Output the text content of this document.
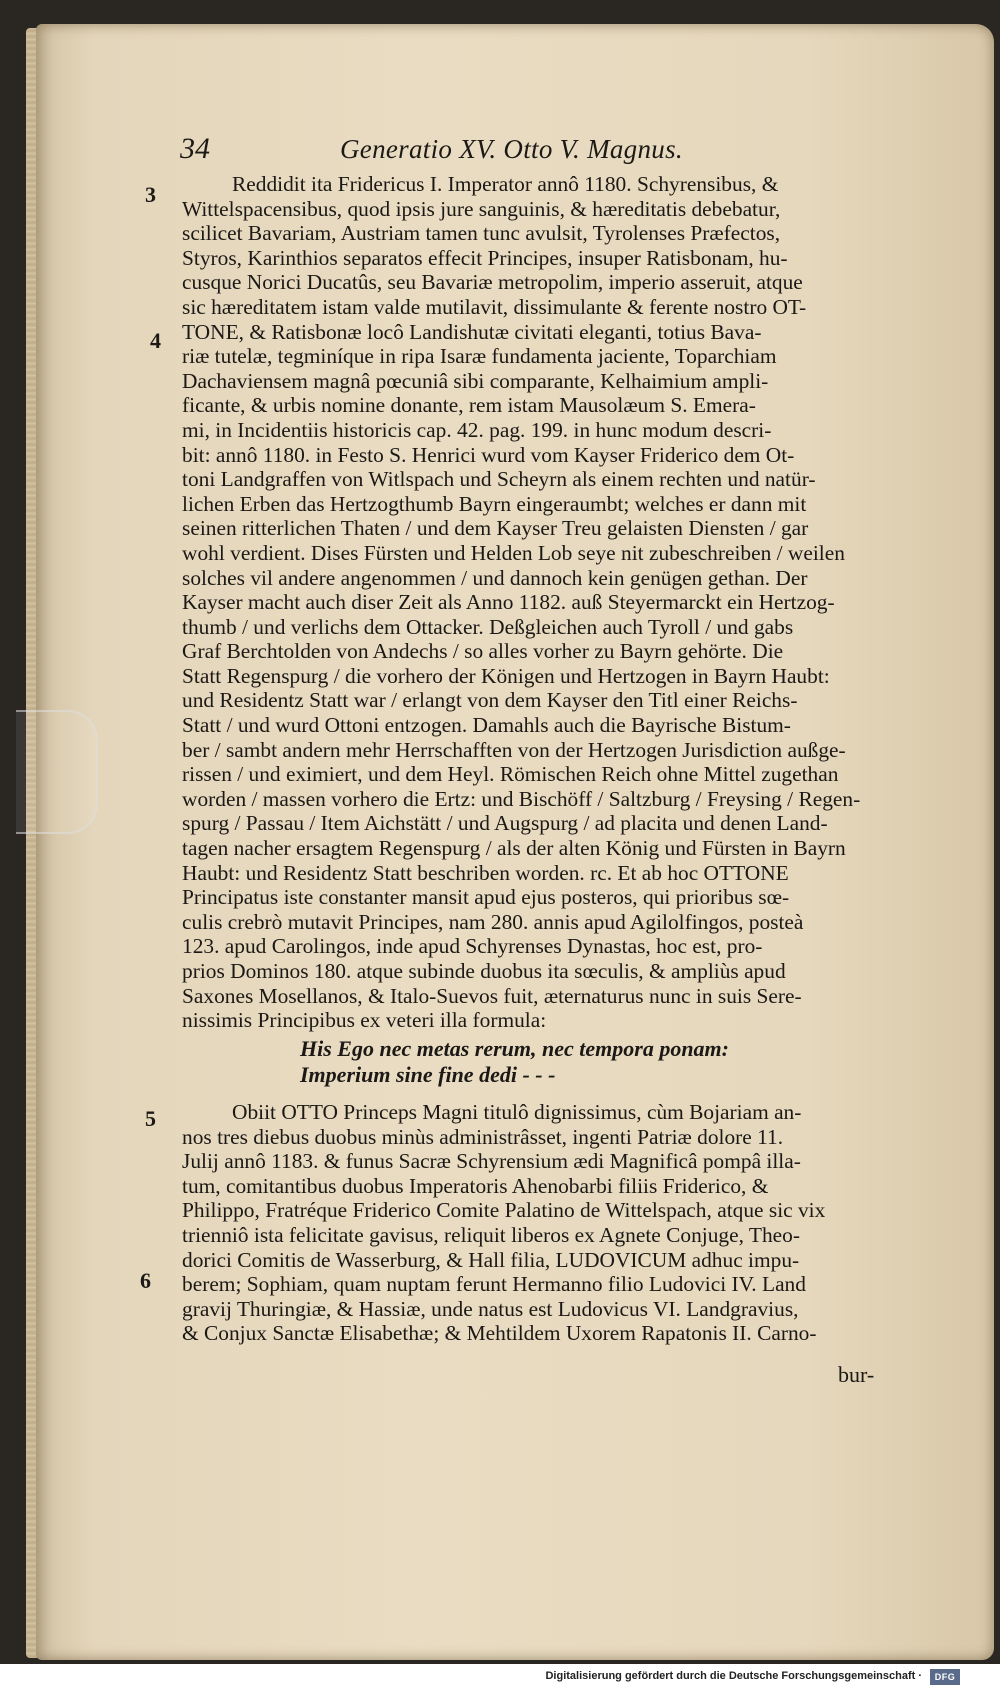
34	Generatio XV. Otto V. Magnus.
3
4
5
6
Reddidit ita Fridericus I. Imperator annô 1180. Schyrensibus, &
Wittelspacensibus, quod ipsis jure sanguinis, & hæreditatis debebatur,
scilicet Bavariam, Austriam tamen tunc avulsit, Tyrolenses Præfectos,
Styros, Karinthios separatos effecit Principes, insuper Ratisbonam, hu-
cusque Norici Ducatûs, seu Bavariæ metropolim, imperio asseruit, atque
sic hæreditatem istam valde mutilavit, dissimulante & ferente nostro OT-
TONE, & Ratisbonæ locô Landishutæ civitati eleganti, totius Bava-
riæ tutelæ, tegminíque in ripa Isaræ fundamenta jaciente, Toparchiam
Dachaviensem magnâ pœcuniâ sibi comparante, Kelhaimium ampli-
ficante, & urbis nomine donante, rem istam Mausolæum S. Emera-
mi, in Incidentiis historicis cap. 42. pag. 199. in hunc modum descri-
bit: annô 1180. in Festo S. Henrici wurd vom Kayser Friderico dem Ot-
toni Landgraffen von Witlspach und Scheyrn als einem rechten und natür-
lichen Erben das Hertzogthumb Bayrn eingeraumbt; welches er dann mit
seinen ritterlichen Thaten / und dem Kayser Treu gelaisten Diensten / gar
wohl verdient. Dises Fürsten und Helden Lob seye nit zubeschreiben / weilen
solches vil andere angenommen / und dannoch kein genügen gethan. Der
Kayser macht auch diser Zeit als Anno 1182. auß Steyermarckt ein Hertzog-
thumb / und verlichs dem Ottacker. Deßgleichen auch Tyroll / und gabs
Graf Berchtolden von Andechs / so alles vorher zu Bayrn gehörte. Die
Statt Regenspurg / die vorhero der Königen und Hertzogen in Bayrn Haubt:
und Residentz Statt war / erlangt von dem Kayser den Titl einer Reichs-
Statt / und wurd Ottoni entzogen. Damahls auch die Bayrische Bistum-
ber / sambt andern mehr Herrschafften von der Hertzogen Jurisdiction außge-
rissen / und eximiert, und dem Heyl. Römischen Reich ohne Mittel zugethan
worden / massen vorhero die Ertz: und Bischöff / Saltzburg / Freysing / Regen-
spurg / Passau / Item Aichstätt / und Augspurg / ad placita und denen Land-
tagen nacher ersagtem Regenspurg / als der alten König und Fürsten in Bayrn
Haubt: und Residentz Statt beschriben worden. rc. Et ab hoc OTTONE
Principatus iste constanter mansit apud ejus posteros, qui prioribus sœ-
culis crebrò mutavit Principes, nam 280. annis apud Agilolfingos, posteà
123. apud Carolingos, inde apud Schyrenses Dynastas, hoc est, pro-
prios Dominos 180. atque subinde duobus ita sœculis, & ampliùs apud
Saxones Mosellanos, & Italo-Suevos fuit, æternaturus nunc in suis Sere-
nissimis Principibus ex veteri illa formula:
His Ego nec metas rerum, nec tempora ponam:
Imperium sine fine dedi - - -
Obiit OTTO Princeps Magni titulô dignissimus, cùm Bojariam an-
nos tres diebus duobus minùs administrâsset, ingenti Patriæ dolore 11.
Julij annô 1183. & funus Sacræ Schyrensium ædi Magnificâ pompâ illa-
tum, comitantibus duobus Imperatoris Ahenobarbi filiis Friderico, &
Philippo, Fratréque Friderico Comite Palatino de Wittelspach, atque sic vix
trienniô ista felicitate gavisus, reliquit liberos ex Agnete Conjuge, Theo-
dorici Comitis de Wasserburg, & Hall filia, LUDOVICUM adhuc impu-
berem; Sophiam, quam nuptam ferunt Hermanno filio Ludovici IV. Land
gravij Thuringiæ, & Hassiæ, unde natus est Ludovicus VI. Landgravius,
& Conjux Sanctæ Elisabethæ; & Mehtildem Uxorem Rapatonis II. Carno-
bur-
Digitalisierung gefördert durch die Deutsche Forschungsgemeinschaft ·	DFG
